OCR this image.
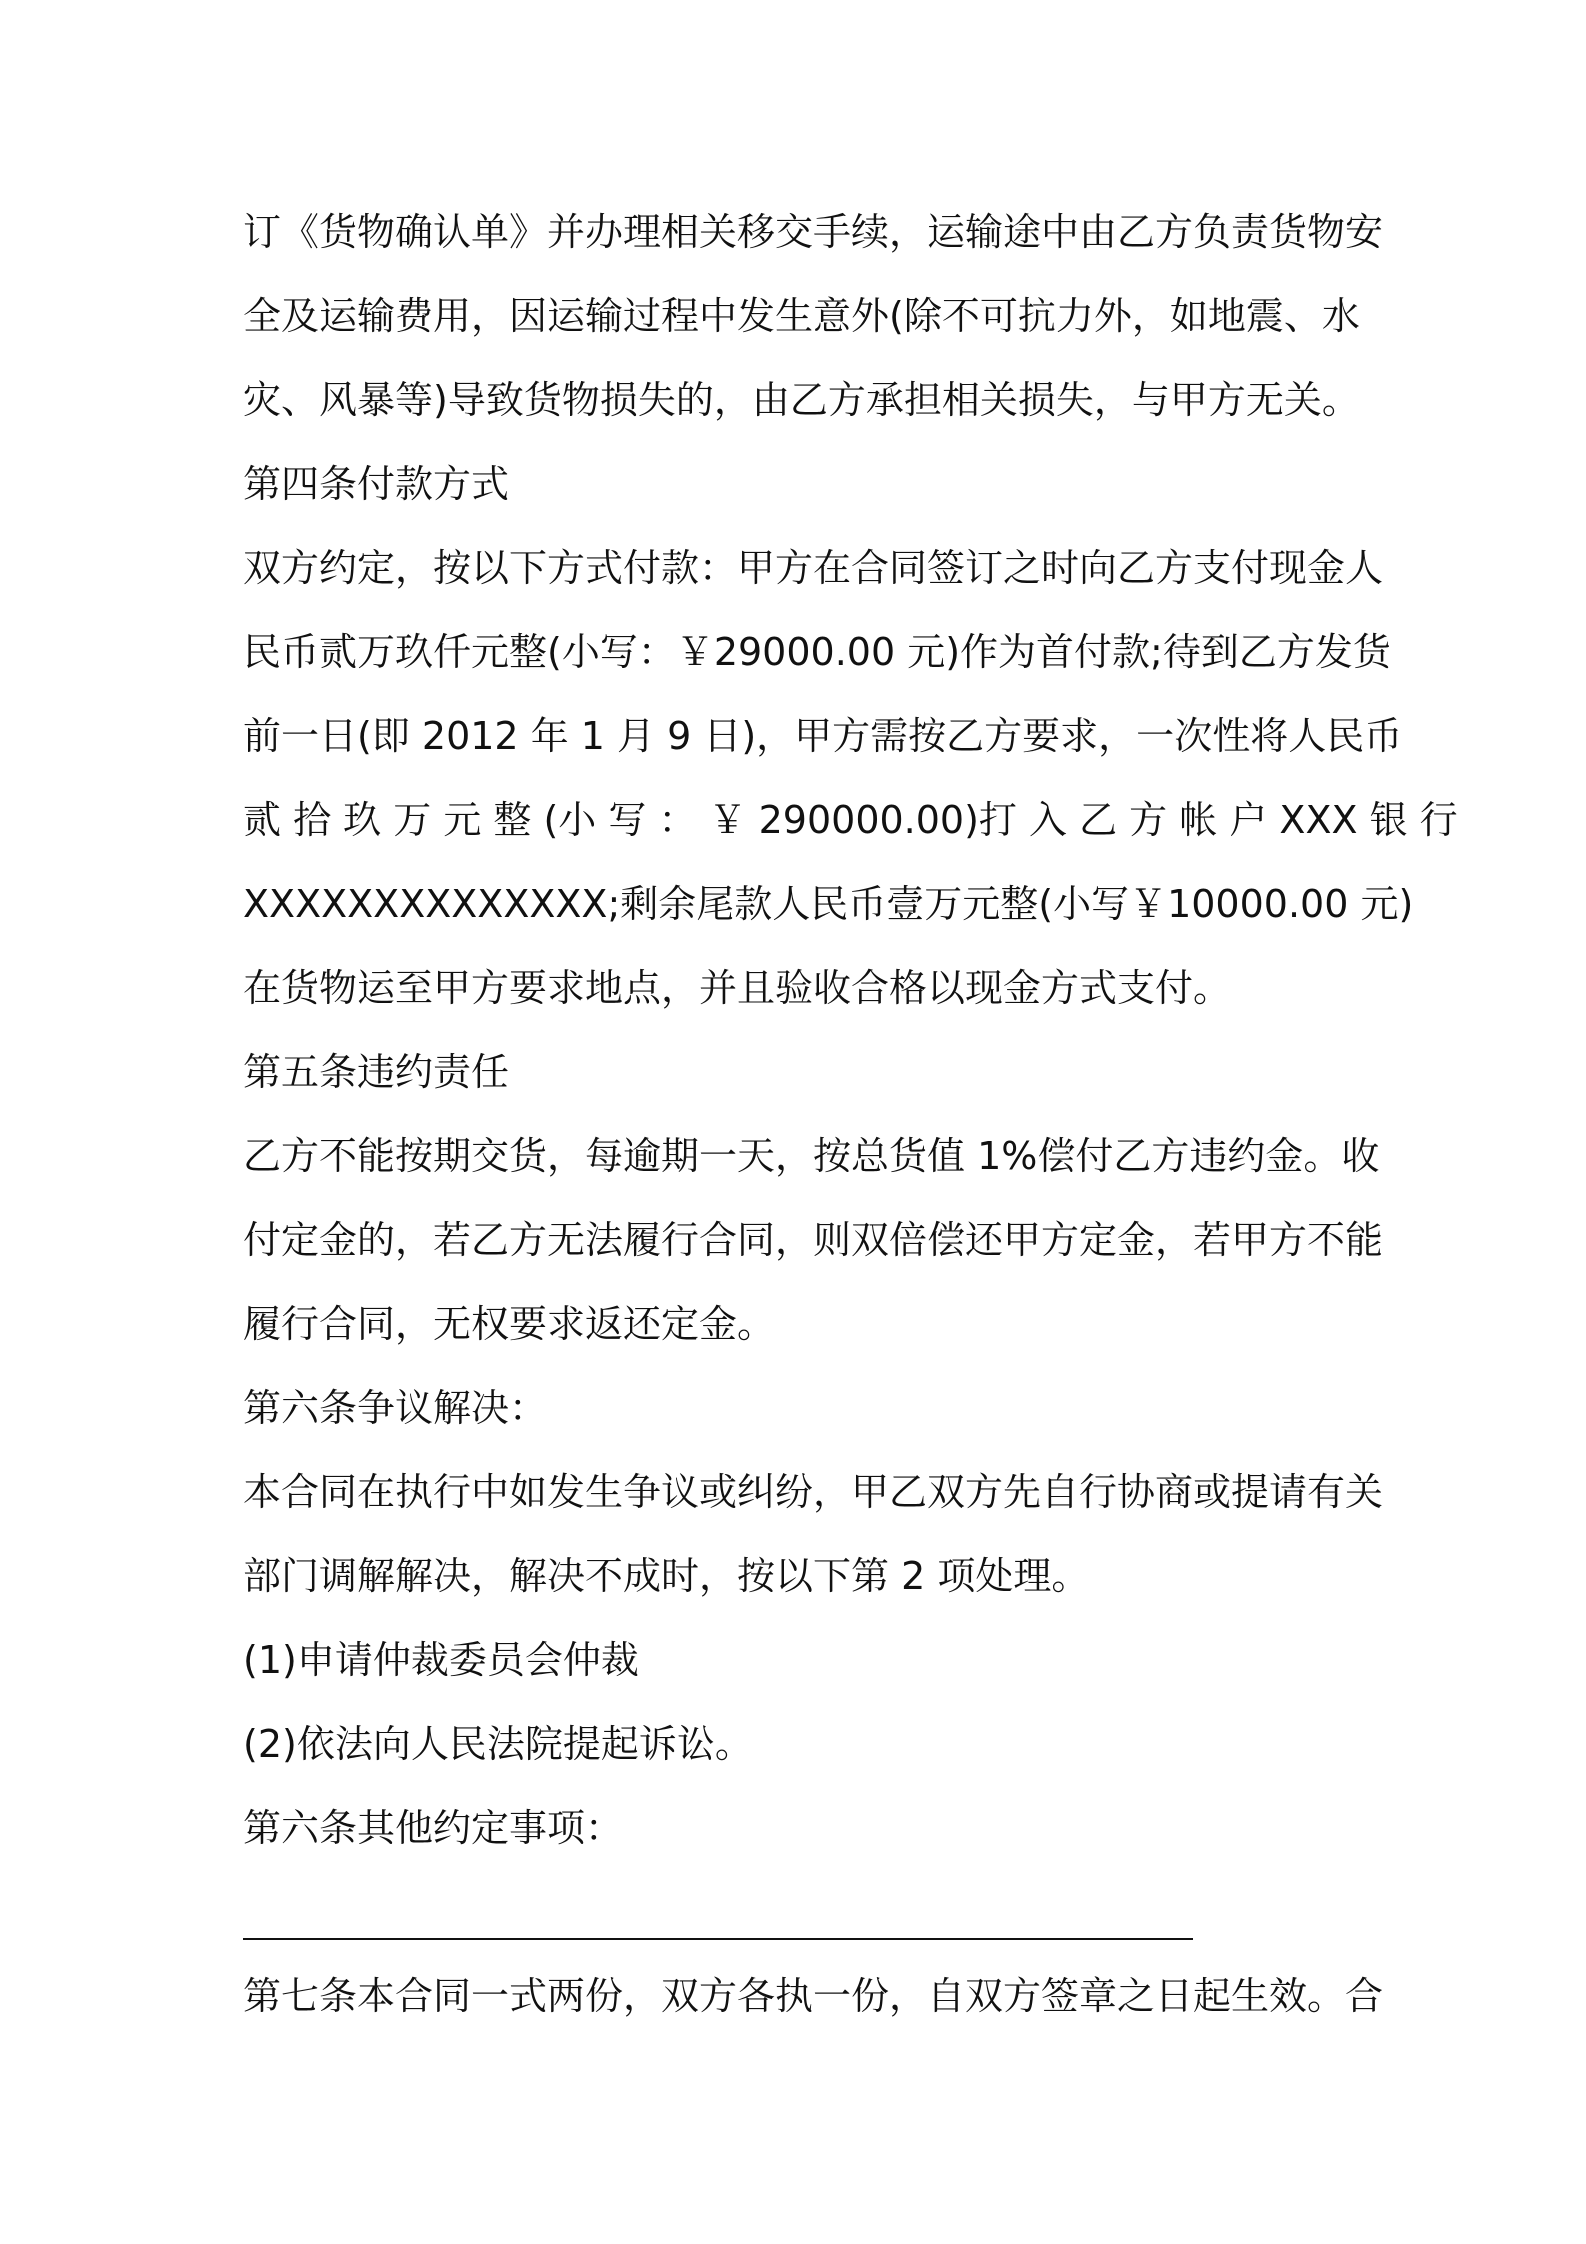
订《货物确认单》并办理相关移交手续，运输途中由乙方负责货物安
全及运输费用，因运输过程中发生意外(除不可抗力外，如地震、水
灾、风暴等)导致货物损失的，由乙方承担相关损失，与甲方无关。
第四条付款方式
双方约定，按以下方式付款：甲方在合同签订之时向乙方支付现金人
民币贰万玖仟元整(小写：￥29000.00 元)作为首付款;待到乙方发货
前一日(即 2012 年 1 月 9 日)，甲方需按乙方要求，一次性将人民币
贰 拾 玖 万 元 整 (小 写 ： ￥ 290000.00)打 入 乙 方 帐 户 XXX 银 行
XXXXXXXXXXXXXX;剩余尾款人民币壹万元整(小写￥10000.00 元)
在货物运至甲方要求地点，并且验收合格以现金方式支付。
第五条违约责任
乙方不能按期交货，每逾期一天，按总货值 1%偿付乙方违约金。收
付定金的，若乙方无法履行合同，则双倍偿还甲方定金，若甲方不能
履行合同，无权要求返还定金。
第六条争议解决：
本合同在执行中如发生争议或纠纷，甲乙双方先自行协商或提请有关
部门调解解决，解决不成时，按以下第 2 项处理。
(1)申请仲裁委员会仲裁
(2)依法向人民法院提起诉讼。
第六条其他约定事项：
第七条本合同一式两份，双方各执一份，自双方签章之日起生效。合
